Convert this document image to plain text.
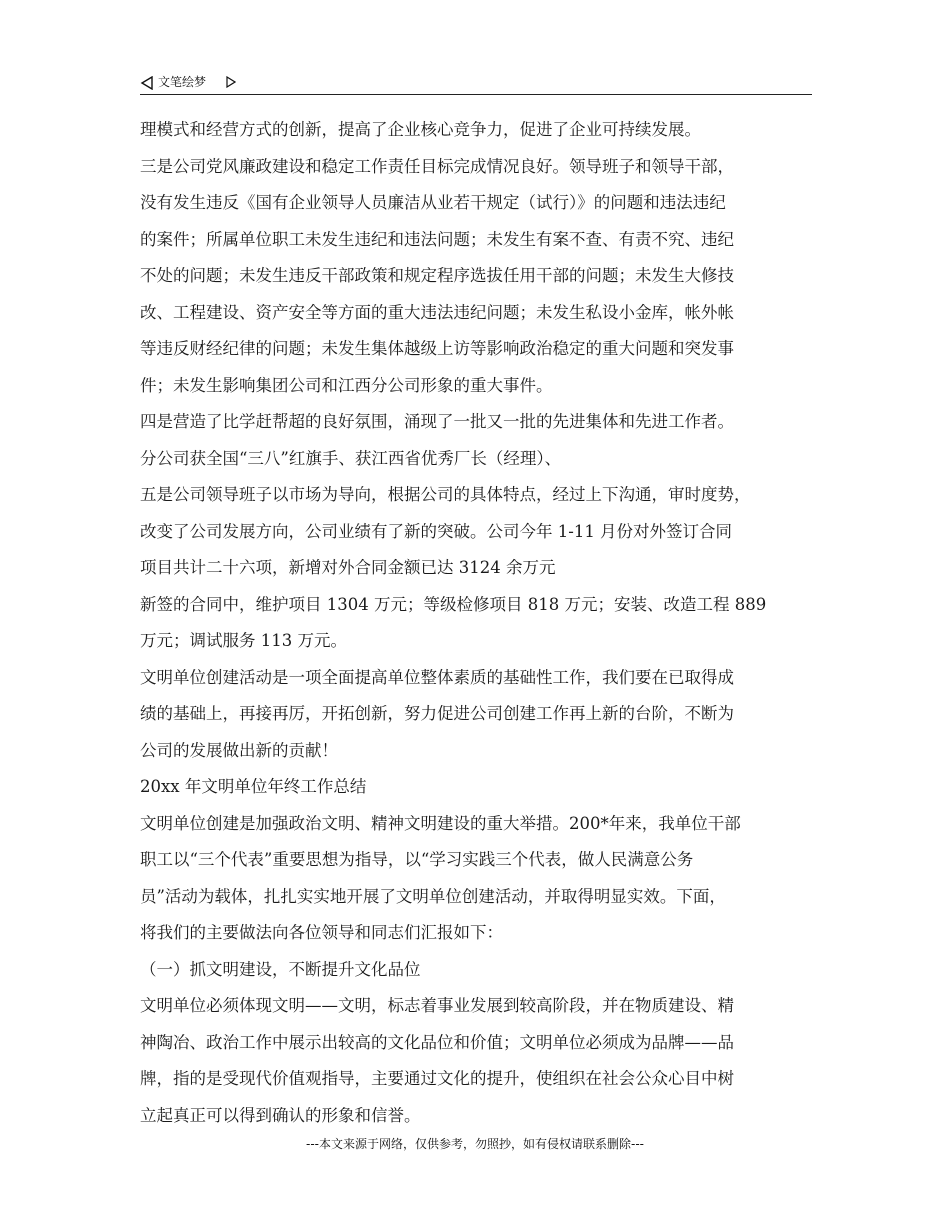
文笔绘梦
理模式和经营方式的创新，提高了企业核心竞争力，促进了企业可持续发展。
三是公司党风廉政建设和稳定工作责任目标完成情况良好。领导班子和领导干部，
没有发生违反《国有企业领导人员廉洁从业若干规定（试行）》的问题和违法违纪
的案件；所属单位职工未发生违纪和违法问题；未发生有案不查、有责不究、违纪
不处的问题；未发生违反干部政策和规定程序选拔任用干部的问题；未发生大修技
改、工程建设、资产安全等方面的重大违法违纪问题；未发生私设小金库，帐外帐
等违反财经纪律的问题；未发生集体越级上访等影响政治稳定的重大问题和突发事
件；未发生影响集团公司和江西分公司形象的重大事件。
四是营造了比学赶帮超的良好氛围，涌现了一批又一批的先进集体和先进工作者。
分公司获全国“三八”红旗手、获江西省优秀厂长（经理）、
五是公司领导班子以市场为导向，根据公司的具体特点，经过上下沟通，审时度势，
改变了公司发展方向，公司业绩有了新的突破。公司今年 1-11 月份对外签订合同
项目共计二十六项，新增对外合同金额已达 3124 余万元
新签的合同中，维护项目 1304 万元；等级检修项目 818 万元；安装、改造工程 889
万元；调试服务 113 万元。
文明单位创建活动是一项全面提高单位整体素质的基础性工作，我们要在已取得成
绩的基础上，再接再厉，开拓创新，努力促进公司创建工作再上新的台阶，不断为
公司的发展做出新的贡献！
20xx 年文明单位年终工作总结
文明单位创建是加强政治文明、精神文明建设的重大举措。200*年来，我单位干部
职工以“三个代表”重要思想为指导，以“学习实践三个代表，做人民满意公务
员”活动为载体，扎扎实实地开展了文明单位创建活动，并取得明显实效。下面，
将我们的主要做法向各位领导和同志们汇报如下：
（一）抓文明建设，不断提升文化品位
文明单位必须体现文明——文明，标志着事业发展到较高阶段，并在物质建设、精
神陶冶、政治工作中展示出较高的文化品位和价值；文明单位必须成为品牌——品
牌，指的是受现代价值观指导，主要通过文化的提升，使组织在社会公众心目中树
立起真正可以得到确认的形象和信誉。
---本文来源于网络，仅供参考，勿照抄，如有侵权请联系删除---
